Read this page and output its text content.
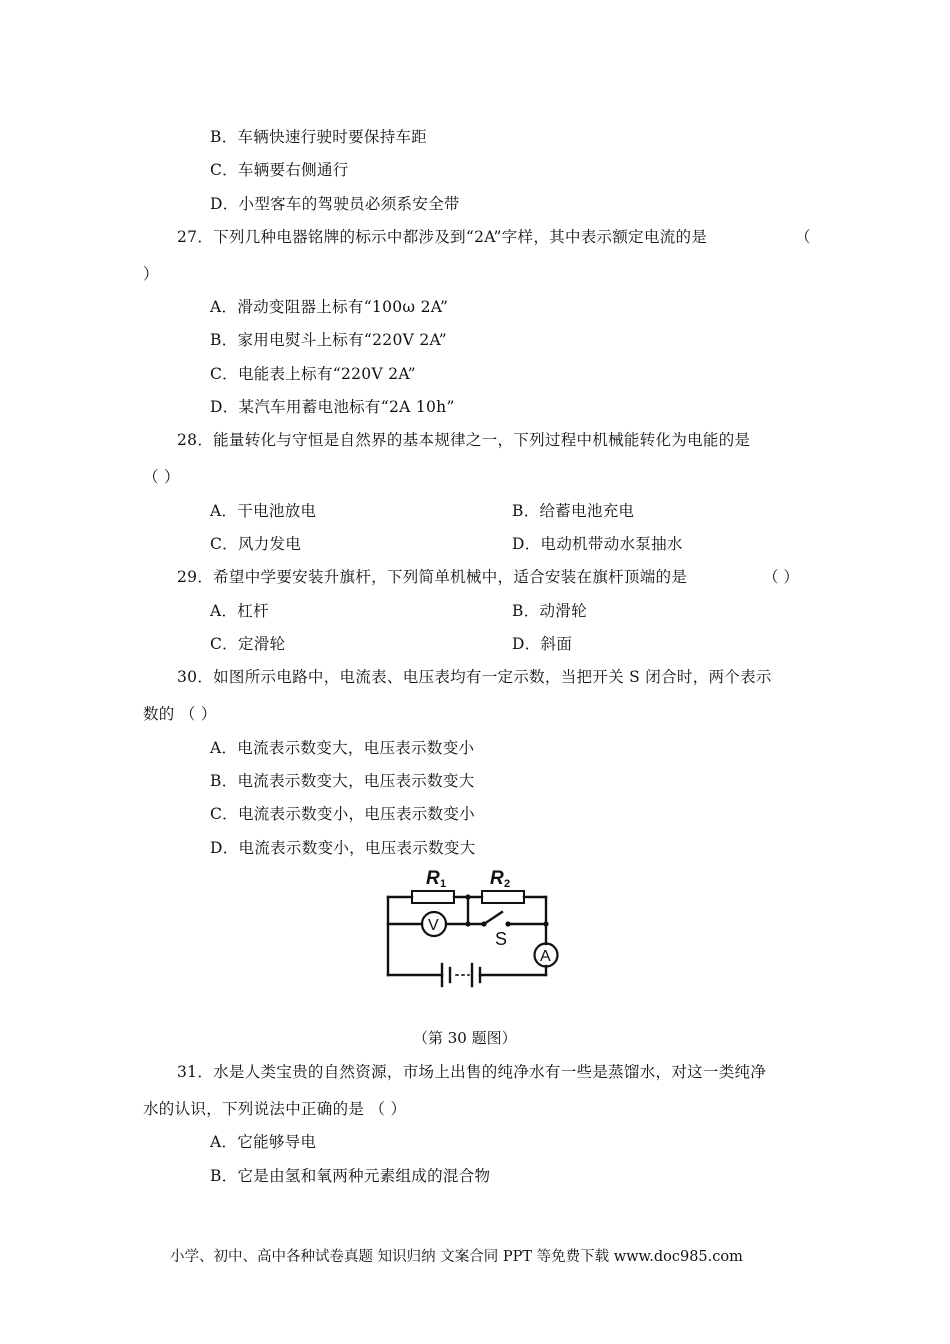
B．车辆快速行驶时要保持车距
C．车辆要右侧通行
D．小型客车的驾驶员必须系安全带
27．下列几种电器铭牌的标示中都涉及到“2A”字样，其中表示额定电流的是	（
）
A．滑动变阻器上标有“100ω 2A”
B．家用电熨斗上标有“220V 2A”
C．电能表上标有“220V 2A”
D．某汽车用蓄电池标有“2A 10h”
28．能量转化与守恒是自然界的基本规律之一，下列过程中机械能转化为电能的是
（ ）
A．干电池放电	B．给蓄电池充电
C．风力发电	D．电动机带动水泵抽水
29．希望中学要安装升旗杆，下列简单机械中，适合安装在旗杆顶端的是	（ ）
A．杠杆	B．动滑轮
C．定滑轮	D．斜面
30．如图所示电路中，电流表、电压表均有一定示数，当把开关 S 闭合时，两个表示
数的 （ ）
A．电流表示数变大，电压表示数变小
B．电流表示数变大，电压表示数变大
C．电流表示数变小，电压表示数变小
D．电流表示数变小，电压表示数变大
R 1 R 2
V
A
S
（第 30 题图）
31．水是人类宝贵的自然资源，市场上出售的纯净水有一些是蒸馏水，对这一类纯净
水的认识，下列说法中正确的是 （ ）
A．它能够导电
B．它是由氢和氧两种元素组成的混合物
小学、初中、高中各种试卷真题 知识归纳 文案合同 PPT 等免费下载 www.doc985.com
